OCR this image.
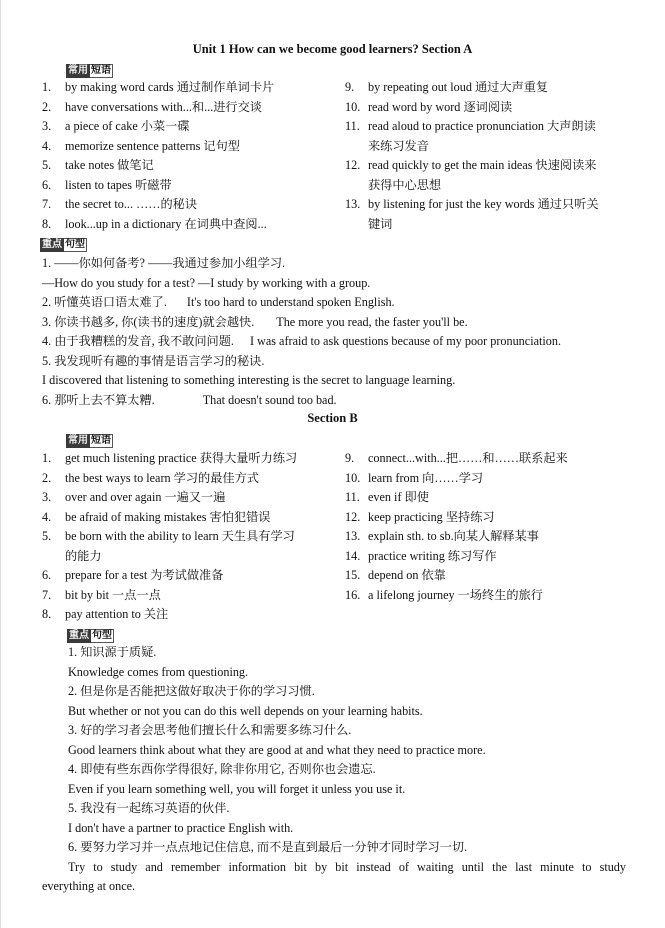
Unit 1 How can we become good learners? Section A
常用 短语
1. by making word cards 通过制作单词卡片
2. have conversations with...和...进行交谈
3. a piece of cake 小菜一碟
4. memorize sentence patterns 记句型
5. take notes 做笔记
6. listen to tapes 听磁带
7. the secret to... ……的秘诀
8. look...up in a dictionary 在词典中查阅...
9. by repeating out loud 通过大声重复
10. read word by word 逐词阅读
11. read aloud to practice pronunciation 大声朗读
来练习发音
12. read quickly to get the main ideas 快速阅读来
获得中心思想
13. by listening for just the key words 通过只听关
键词
重点 句型
1. ——你如何备考? ——我通过参加小组学习.
—How do you study for a test? —I study by working with a group.
2. 听懂英语口语太难了. It's too hard to understand spoken English.
3. 你读书越多, 你(读书的速度)就会越快. The more you read, the faster you'll be.
4. 由于我糟糕的发音, 我不敢问问题. I was afraid to ask questions because of my poor pronunciation.
5. 我发现听有趣的事情是语言学习的秘诀.
I discovered that listening to something interesting is the secret to language learning.
6. 那听上去不算太糟.	That doesn't sound too bad.
Section B
常用 短语
1. get much listening practice 获得大量听力练习
2. the best ways to learn 学习的最佳方式
3. over and over again 一遍又一遍
4. be afraid of making mistakes 害怕犯错误
5. be born with the ability to learn 天生具有学习
的能力
6. prepare for a test 为考试做准备
7. bit by bit 一点一点
8. pay attention to 关注
9. connect...with...把……和……联系起来
10. learn from 向……学习
11. even if 即使
12. keep practicing 坚持练习
13. explain sth. to sb.向某人解释某事
14. practice writing 练习写作
15. depend on 依靠
16. a lifelong journey 一场终生的旅行
重点 句型
1. 知识源于质疑.
Knowledge comes from questioning.
2. 但是你是否能把这做好取决于你的学习习惯.
But whether or not you can do this well depends on your learning habits.
3. 好的学习者会思考他们擅长什么和需要多练习什么.
Good learners think about what they are good at and what they need to practice more.
4. 即使有些东西你学得很好, 除非你用它, 否则你也会遗忘.
Even if you learn something well, you will forget it unless you use it.
5. 我没有一起练习英语的伙伴.
I don't have a partner to practice English with.
6. 要努力学习并一点点地记住信息, 而不是直到最后一分钟才同时学习一切.
Try to study and remember information bit by bit instead of waiting until the last minute to study
everything at once.
